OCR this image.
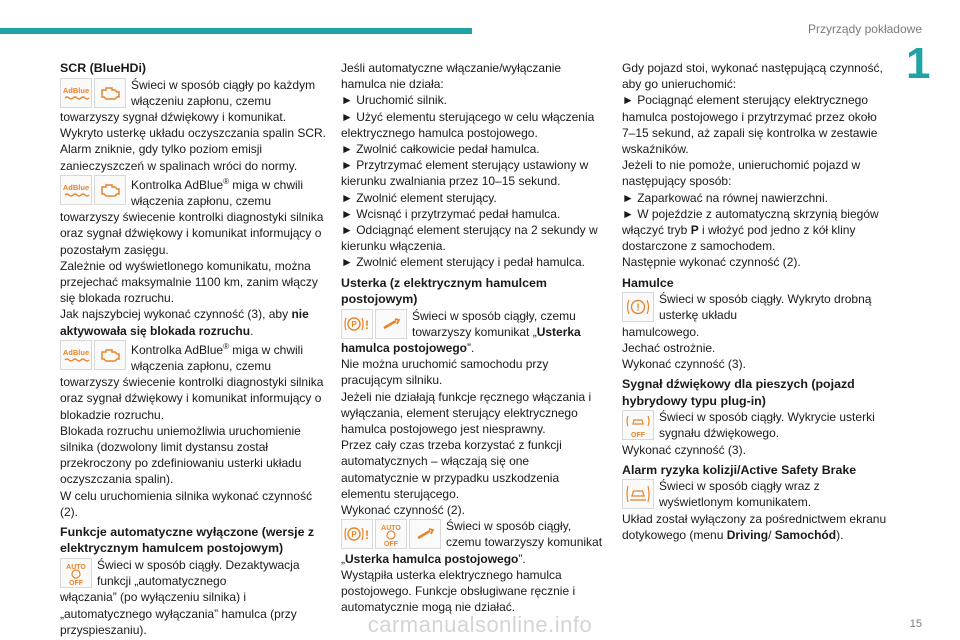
Przyrządy pokładowe
1
SCR (BlueHDi)
AdBlue	Świeci w sposób ciągły po każdym włączeniu zapłonu, czemu
towarzyszy sygnał dźwiękowy i komunikat.
Wykryto usterkę układu oczyszczania spalin SCR.
Alarm zniknie, gdy tylko poziom emisji zanieczyszczeń w spalinach wróci do normy.
AdBlue	Kontrolka AdBlue® miga w chwili włączenia zapłonu, czemu
towarzyszy świecenie kontrolki diagnostyki silnika oraz sygnał dźwiękowy i komunikat informujący o pozostałym zasięgu.
Zależnie od wyświetlonego komunikatu, można przejechać maksymalnie 1100 km, zanim włączy się blokada rozruchu.
Jak najszybciej wykonać czynność (3), aby nie aktywowała się blokada rozruchu.
AdBlue	Kontrolka AdBlue® miga w chwili włączenia zapłonu, czemu
towarzyszy świecenie kontrolki diagnostyki silnika oraz sygnał dźwiękowy i komunikat informujący o blokadzie rozruchu.
Blokada rozruchu uniemożliwia uruchomienie silnika (dozwolony limit dystansu został przekroczony po zdefiniowaniu usterki układu oczyszczania spalin).
W celu uruchomienia silnika wykonać czynność (2).
Funkcje automatyczne wyłączone (wersje z elektrycznym hamulcem postojowym)
AUTO
OFF
Świeci w sposób ciągły. Dezaktywacja funkcji „automatycznego
włączania” (po wyłączeniu silnika) i „automatycznego wyłączania” hamulca (przy przyspieszaniu).
Jeśli automatyczne włączanie/wyłączanie hamulca nie działa:
► Uruchomić silnik.
► Użyć elementu sterującego w celu włączenia elektrycznego hamulca postojowego.
► Zwolnić całkowicie pedał hamulca.
► Przytrzymać element sterujący ustawiony w kierunku zwalniania przez 10–15 sekund.
► Zwolnić element sterujący.
► Wcisnąć i przytrzymać pedał hamulca.
► Odciągnąć element sterujący na 2 sekundy w kierunku włączenia.
► Zwolnić element sterujący i pedał hamulca.
Usterka (z elektrycznym hamulcem postojowym)
P !
Świeci w sposób ciągły, czemu towarzyszy komunikat „Usterka
hamulca postojowego”.
Nie można uruchomić samochodu przy pracującym silniku.
Jeżeli nie działają funkcje ręcznego włączania i wyłączania, element sterujący elektrycznego hamulca postojowego jest niesprawny.
Przez cały czas trzeba korzystać z funkcji automatycznych – włączają się one automatycznie w przypadku uszkodzenia elementu sterującego.
Wykonać czynność (2).
P ! AUTO
OFF
Świeci w sposób ciągły, czemu towarzyszy komunikat
„Usterka hamulca postojowego”.
Wystąpiła usterka elektrycznego hamulca postojowego. Funkcje obsługiwane ręcznie i automatycznie mogą nie działać.
Gdy pojazd stoi, wykonać następującą czynność, aby go unieruchomić:
► Pociągnąć element sterujący elektrycznego hamulca postojowego i przytrzymać przez około 7–15 sekund, aż zapali się kontrolka w zestawie wskaźników.
Jeżeli to nie pomoże, unieruchomić pojazd w następujący sposób:
► Zaparkować na równej nawierzchni.
► W pojeździe z automatyczną skrzynią biegów włączyć tryb P i włożyć pod jedno z kół kliny dostarczone z samochodem.
Następnie wykonać czynność (2).
Hamulce
!
Świeci w sposób ciągły. Wykryto drobną usterkę układu
hamulcowego.
Jechać ostrożnie.
Wykonać czynność (3).
Sygnał dźwiękowy dla pieszych (pojazd hybrydowy typu plug-in)
OFF
Świeci w sposób ciągły. Wykrycie usterki sygnału dźwiękowego.
Wykonać czynność (3).
Alarm ryzyka kolizji/Active Safety Brake
Świeci w sposób ciągły wraz z wyświetlonym komunikatem.
Układ został wyłączony za pośrednictwem ekranu dotykowego (menu Driving/ Samochód).
carmanualsonline.info	15
